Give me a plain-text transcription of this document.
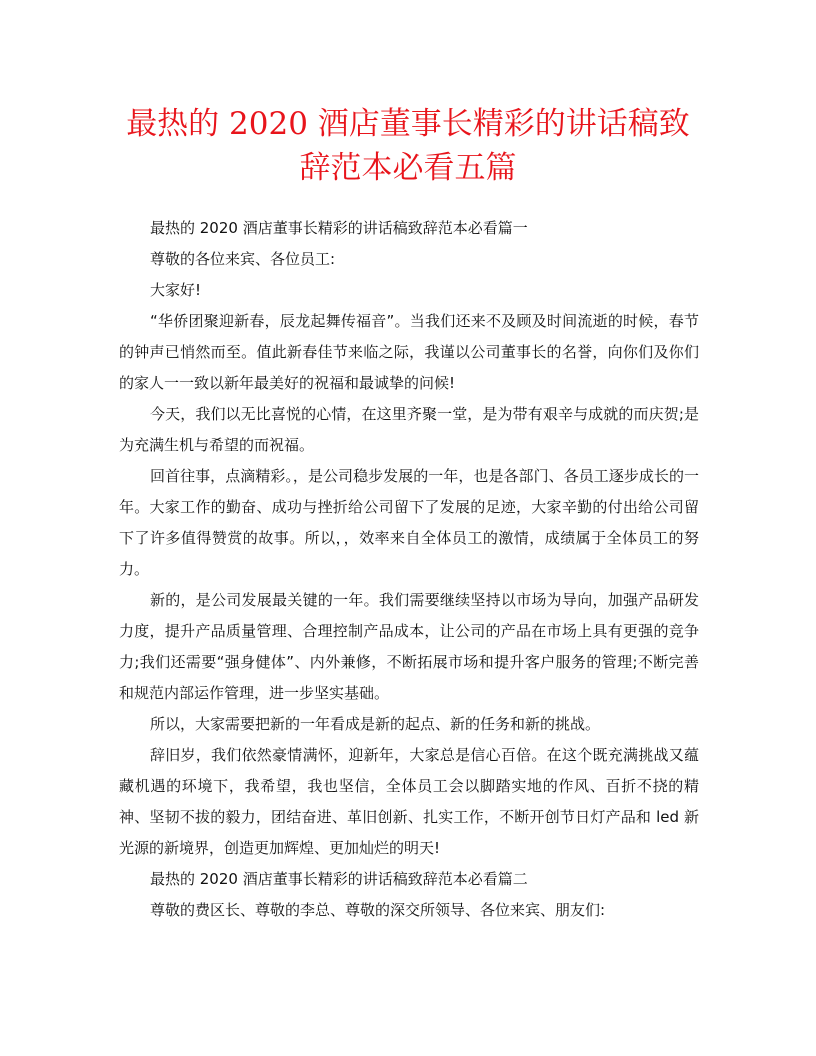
最热的 2020 酒店董事长精彩的讲话稿致
辞范本必看五篇

最热的 2020 酒店董事长精彩的讲话稿致辞范本必看篇一

尊敬的各位来宾、各位员工:

大家好!

“华侨团聚迎新春，辰龙起舞传福音”。当我们还来不及顾及时间流逝的时候，春节的钟声已悄然而至。值此新春佳节来临之际，我谨以公司董事长的名誉，向你们及你们的家人一一致以新年最美好的祝福和最诚挚的问候!

今天，我们以无比喜悦的心情，在这里齐聚一堂，是为带有艰辛与成就的而庆贺;是为充满生机与希望的而祝福。

回首往事，点滴精彩。，是公司稳步发展的一年，也是各部门、各员工逐步成长的一年。大家工作的勤奋、成功与挫折给公司留下了发展的足迹，大家辛勤的付出给公司留下了许多值得赞赏的故事。所以，，效率来自全体员工的激情，成绩属于全体员工的努力。

新的，是公司发展最关键的一年。我们需要继续坚持以市场为导向，加强产品研发力度，提升产品质量管理、合理控制产品成本，让公司的产品在市场上具有更强的竞争力;我们还需要“强身健体”、内外兼修，不断拓展市场和提升客户服务的管理;不断完善和规范内部运作管理，进一步坚实基础。

所以，大家需要把新的一年看成是新的起点、新的任务和新的挑战。

辞旧岁，我们依然豪情满怀，迎新年，大家总是信心百倍。在这个既充满挑战又蕴藏机遇的环境下，我希望，我也坚信，全体员工会以脚踏实地的作风、百折不挠的精神、坚韧不拔的毅力，团结奋进、革旧创新、扎实工作，不断开创节日灯产品和 led 新光源的新境界，创造更加辉煌、更加灿烂的明天!

最热的 2020 酒店董事长精彩的讲话稿致辞范本必看篇二

尊敬的费区长、尊敬的李总、尊敬的深交所领导、各位来宾、朋友们:
